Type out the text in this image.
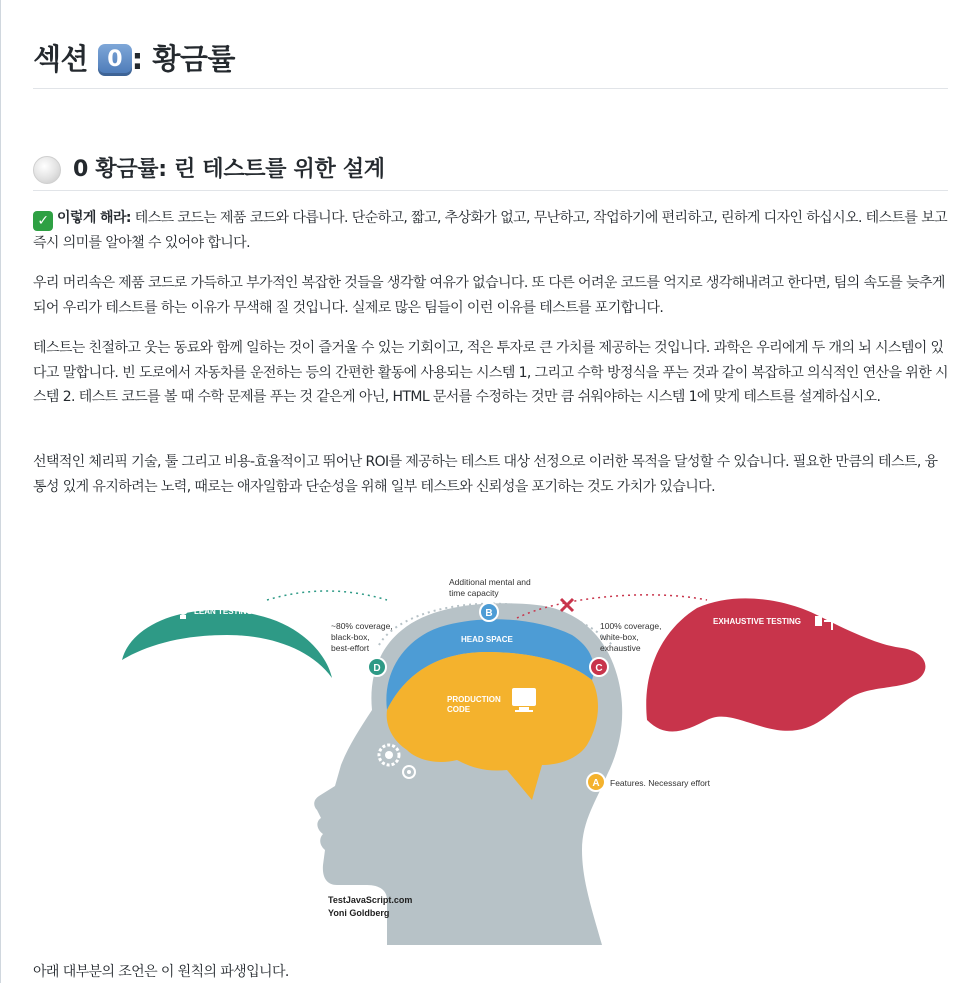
섹션 0 : 황금률
0 황금률: 린 테스트를 위한 설계

✓ 이렇게 해라: 테스트 코드는 제품 코드와 다릅니다. 단순하고, 짧고, 추상화가 없고, 무난하고, 작업하기에 편리하고, 린하게 디자인 하십시오. 테스트를 보고 즉시 의미를 알아챌 수 있어야 합니다.

우리 머리속은 제품 코드로 가득하고 부가적인 복잡한 것들을 생각할 여유가 없습니다. 또 다른 어려운 코드를 억지로 생각해내려고 한다면, 팀의 속도를 늦추게 되어 우리가 테스트를 하는 이유가 무색해 질 것입니다. 실제로 많은 팀들이 이런 이유를 테스트를 포기합니다.

테스트는 친절하고 웃는 동료와 함께 일하는 것이 즐거울 수 있는 기회이고, 적은 투자로 큰 가치를 제공하는 것입니다. 과학은 우리에게 두 개의 뇌 시스템이 있다고 말합니다. 빈 도로에서 자동차를 운전하는 등의 간편한 활동에 사용되는 시스템 1, 그리고 수학 방정식을 푸는 것과 같이 복잡하고 의식적인 연산을 위한 시스템 2. 테스트 코드를 볼 때 수학 문제를 푸는 것 같은게 아닌, HTML 문서를 수정하는 것만 큼 쉬워야하는 시스템 1에 맞게 테스트를 설계하십시오.

선택적인 체리픽 기술, 툴 그리고 비용-효율적이고 뛰어난 ROI를 제공하는 테스트 대상 선정으로 이러한 목적을 달성할 수 있습니다. 필요한 만큼의 테스트, 융통성 있게 유지하려는 노력, 때로는 애자일함과 단순성을 위해 일부 테스트와 신뢰성을 포기하는 것도 가치가 있습니다.

아래 대부분의 조언은 이 원칙의 파생입니다.

PRODUCTION
CODE
HEAD SPACE
LEAN TESTING
EXHAUSTIVE TESTING
B
D	C
A
Additional mental and
time capacity
~80% coverage,
black-box,
best-effort
100% coverage,
white-box,
exhaustive
Features. Necessary effort
TestJavaScript.com
Yoni Goldberg
